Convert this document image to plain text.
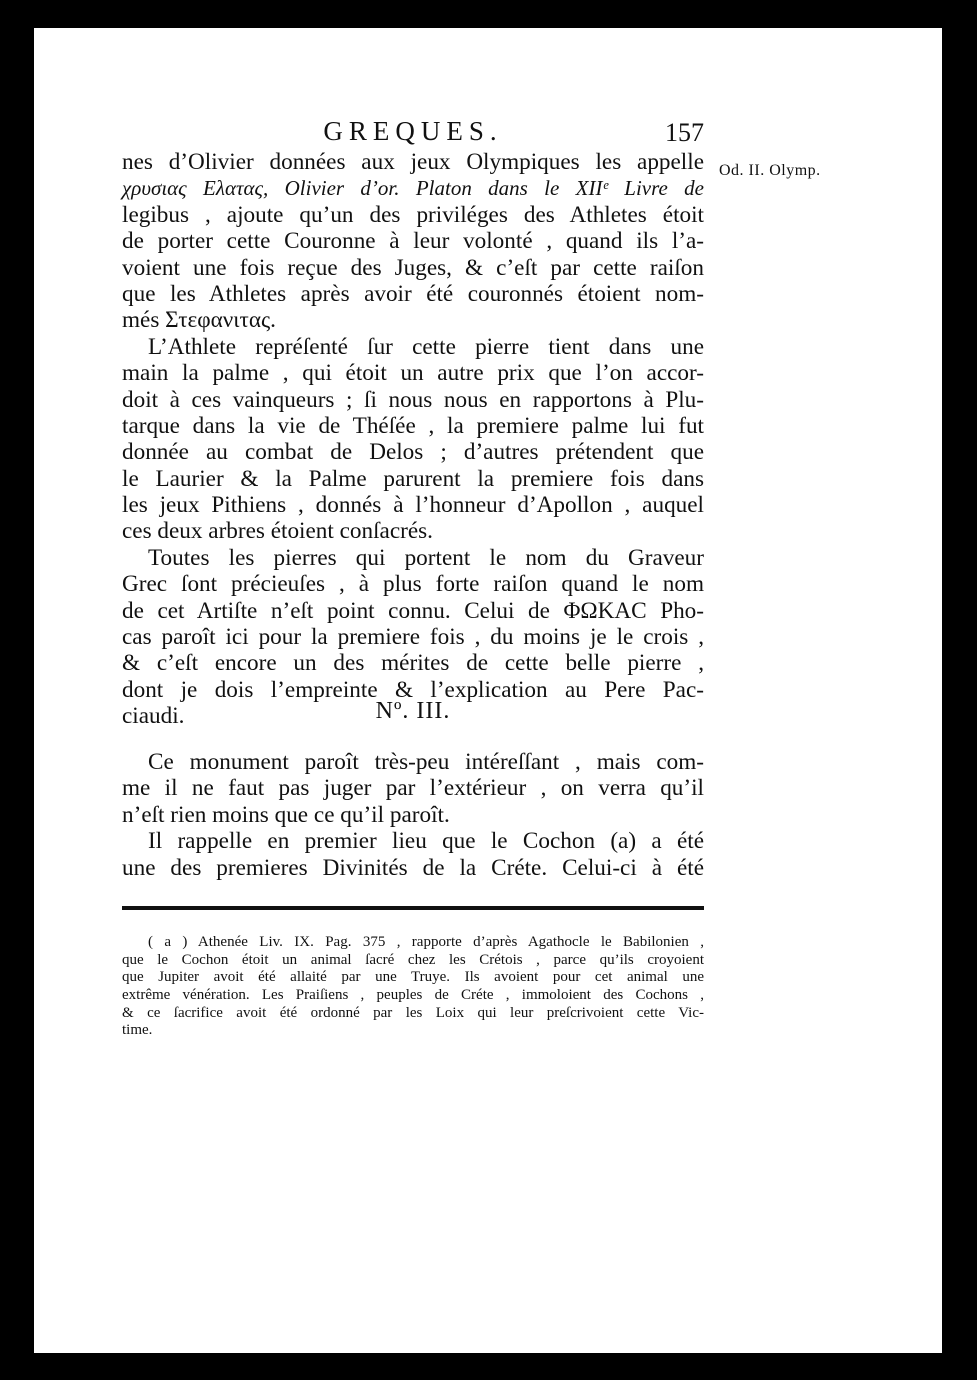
GREQUES.	157
Od. II. Olymp.
nes d’Olivier données aux jeux Olympiques les appelle
χρυσιας Ελατας, Olivier d’or. Platon dans le XIIᵉ Livre de
legibus , ajoute qu’un des priviléges des Athletes étoit
de porter cette Couronne à leur volonté , quand ils l’a-
voient une fois reçue des Juges, & c’eſt par cette raiſon
que les Athletes après avoir été couronnés étoient nom-
més Στεφανιτας.
L’Athlete repréſenté ſur cette pierre tient dans une
main la palme , qui étoit un autre prix que l’on accor-
doit à ces vainqueurs ; ſi nous nous en rapportons à Plu-
tarque dans la vie de Théſée , la premiere palme lui fut
donnée au combat de Delos ; d’autres prétendent que
le Laurier & la Palme parurent la premiere fois dans
les jeux Pithiens , donnés à l’honneur d’Apollon , auquel
ces deux arbres étoient conſacrés.
Toutes les pierres qui portent le nom du Graveur
Grec ſont précieuſes , à plus forte raiſon quand le nom
de cet Artiſte n’eſt point connu. Celui de ΦΩΚΑϹ Pho-
cas paroît ici pour la premiere fois , du moins je le crois ,
& c’eſt encore un des mérites de cette belle pierre ,
dont je dois l’empreinte & l’explication au Pere Pac-
ciaudi.	Nº. III.
Ce monument paroît très-peu intéreſſant , mais com-
me il ne faut pas juger par l’extérieur , on verra qu’il
n’eſt rien moins que ce qu’il paroît.
Il rappelle en premier lieu que le Cochon (a) a été
une des premieres Divinités de la Créte. Celui-ci à été
( a ) Athenée Liv. IX. Pag. 375 , rapporte d’après Agathocle le Babilonien ,
que le Cochon étoit un animal ſacré chez les Crétois , parce qu’ils croyoient
que Jupiter avoit été allaité par une Truye. Ils avoient pour cet animal une
extrême vénération. Les Praiſiens , peuples de Créte , immoloient des Cochons ,
& ce ſacrifice avoit été ordonné par les Loix qui leur preſcrivoient cette Vic-
time.
